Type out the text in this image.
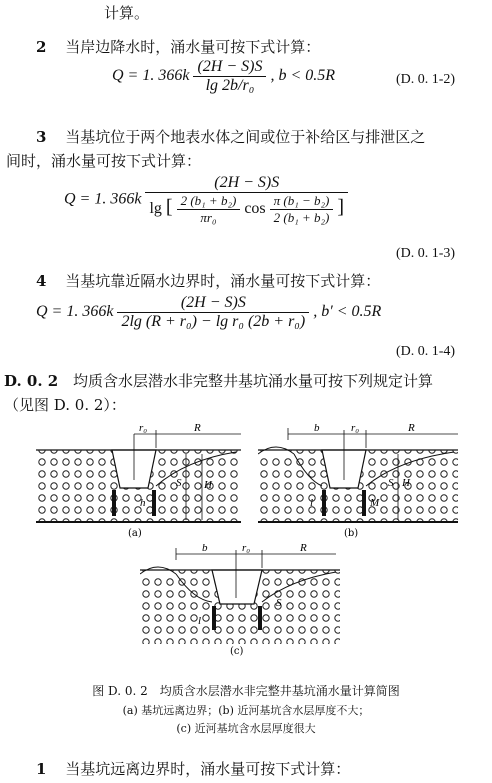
计算。
2 当岸边降水时，涌水量可按下式计算：
Q = 1. $366k \frac{(2H - S)S}{\text{lg 2b/r₀}}$ , b < 0.5R	(D. 0. 1-2)
3 当基坑位于两个地表水体之间或位于补给区与排泄区之
间时，涌水量可按下式计算：
Q = 1. 366k
(2H − S)S
lg [ $\frac{\text{2 (b₁ + b₂)}}{\text{πr₀}}$ $\cos \frac{\text{π (b₁ − b₂)}}{\text{2 (b₁ + b₂)}}$ ]
(D. 0. 1-3)
4 当基坑靠近隔水边界时，涌水量可按下式计算：
Q = 1. $366k \frac{(2H - S)S}{\text{2lg (R + r₀) − lg r₀ (2b + r₀)}}$ , b′ < 0.5R
(D. 0. 1-4)
D. 0. 2 均质含水层潜水非完整井基坑涌水量可按下列规定计算
（见图 D. 0. 2）：
r₀	R
S H
h
(a)
b	r₀	R
S H
l	M
(b)
b	r₀	R
S
l
(c)
图 D. 0. 2　均质含水层潜水非完整井基坑涌水量计算简图
(a) 基坑远离边界；(b) 近河基坑含水层厚度不大；
(c) 近河基坑含水层厚度很大
1 当基坑远离边界时，涌水量可按下式计算：
